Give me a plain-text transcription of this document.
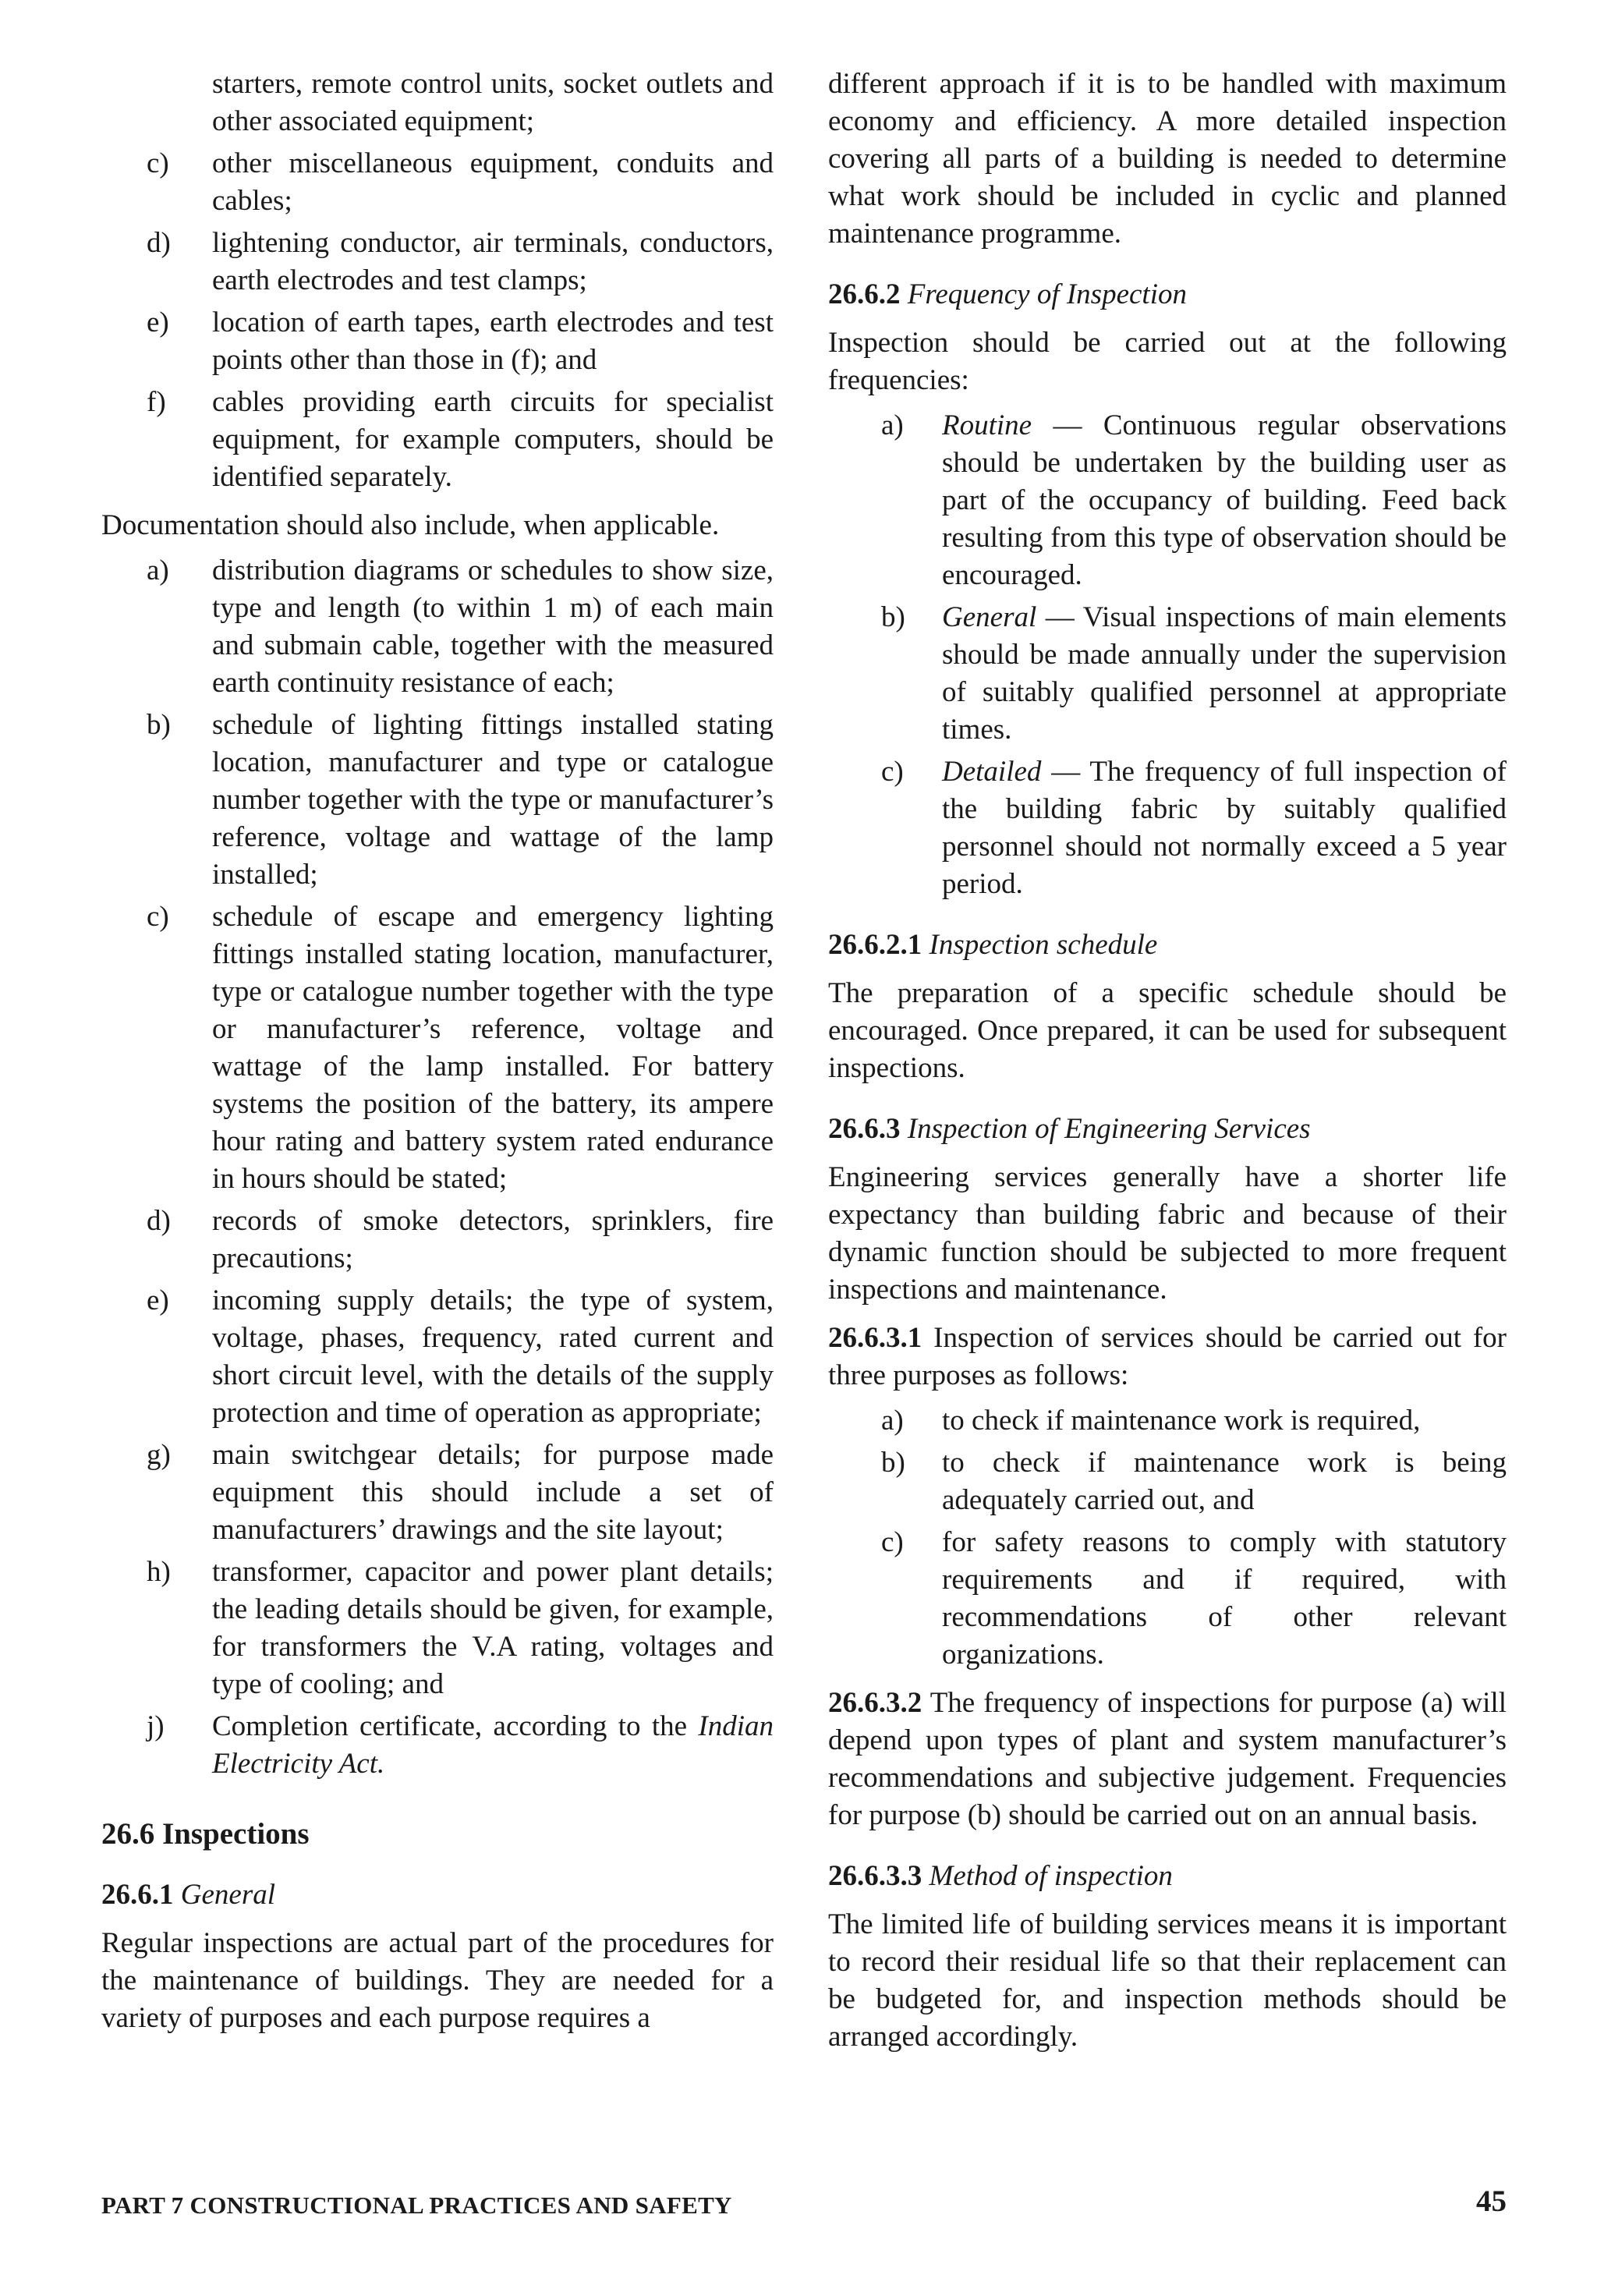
starters, remote control units, socket outlets and other associated equipment;
c) other miscellaneous equipment, conduits and cables;
d) lightening conductor, air terminals, conductors, earth electrodes and test clamps;
e) location of earth tapes, earth electrodes and test points other than those in (f); and
f) cables providing earth circuits for specialist equipment, for example computers, should be identified separately.

Documentation should also include, when applicable.

a) distribution diagrams or schedules to show size, type and length (to within 1 m) of each main and submain cable, together with the measured earth continuity resistance of each;
b) schedule of lighting fittings installed stating location, manufacturer and type or catalogue number together with the type or manufacturer’s reference, voltage and wattage of the lamp installed;
c) schedule of escape and emergency lighting fittings installed stating location, manufacturer, type or catalogue number together with the type or manufacturer’s reference, voltage and wattage of the lamp installed. For battery systems the position of the battery, its ampere hour rating and battery system rated endurance in hours should be stated;
d) records of smoke detectors, sprinklers, fire precautions;
e) incoming supply details; the type of system, voltage, phases, frequency, rated current and short circuit level, with the details of the supply protection and time of operation as appropriate;
g) main switchgear details; for purpose made equipment this should include a set of manufacturers’ drawings and the site layout;
h) transformer, capacitor and power plant details; the leading details should be given, for example, for transformers the V.A rating, voltages and type of cooling; and
j) Completion certificate, according to the Indian Electricity Act.
26.6 Inspections
26.6.1 General

Regular inspections are actual part of the procedures for the maintenance of buildings. They are needed for a variety of purposes and each purpose requires a

different approach if it is to be handled with maximum economy and efficiency. A more detailed inspection covering all parts of a building is needed to determine what work should be included in cyclic and planned maintenance programme.

26.6.2 Frequency of Inspection

Inspection should be carried out at the following frequencies:

a) Routine — Continuous regular observations should be undertaken by the building user as part of the occupancy of building. Feed back resulting from this type of observation should be encouraged.
b) General — Visual inspections of main elements should be made annually under the supervision of suitably qualified personnel at appropriate times.
c) Detailed — The frequency of full inspection of the building fabric by suitably qualified personnel should not normally exceed a 5 year period.
26.6.2.1 Inspection schedule

The preparation of a specific schedule should be encouraged. Once prepared, it can be used for subsequent inspections.

26.6.3 Inspection of Engineering Services

Engineering services generally have a shorter life expectancy than building fabric and because of their dynamic function should be subjected to more frequent inspections and maintenance.

26.6.3.1 Inspection of services should be carried out for three purposes as follows:

a) to check if maintenance work is required,
b) to check if maintenance work is being adequately carried out, and
c) for safety reasons to comply with statutory requirements and if required, with recommendations of other relevant organizations.

26.6.3.2 The frequency of inspections for purpose (a) will depend upon types of plant and system manufacturer’s recommendations and subjective judgement. Frequencies for purpose (b) should be carried out on an annual basis.

26.6.3.3 Method of inspection

The limited life of building services means it is important to record their residual life so that their replacement can be budgeted for, and inspection methods should be arranged accordingly.

PART 7 CONSTRUCTIONAL PRACTICES AND SAFETY	45
